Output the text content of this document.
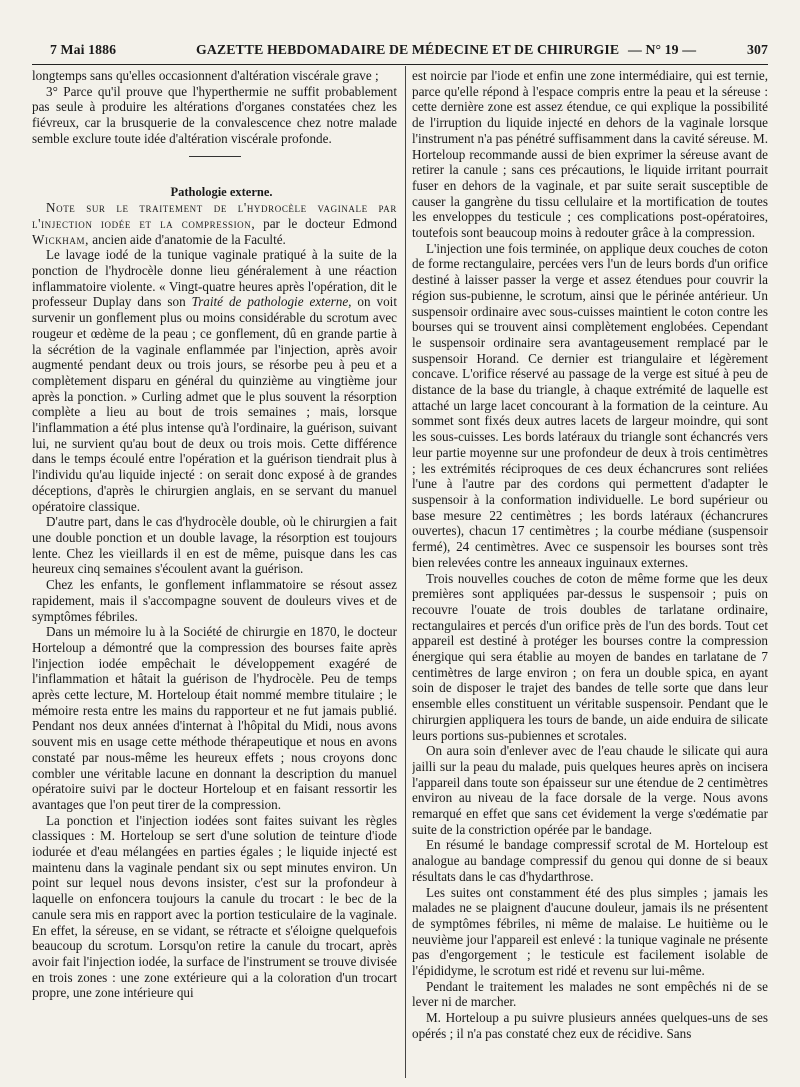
7 Mai 1886	GAZETTE HEBDOMADAIRE DE MÉDECINE ET DE CHIRURGIE — N° 19 —	307

longtemps sans qu'elles occasionnent d'altération viscérale grave ;

3° Parce qu'il prouve que l'hyperthermie ne suffit probablement pas seule à produire les altérations d'organes constatées chez les fiévreux, car la brusquerie de la convalescence chez notre malade semble exclure toute idée d'altération viscérale profonde.

Pathologie externe.

Note sur le traitement de l'hydrocèle vaginale par l'injection iodée et la compression, par le docteur Edmond Wickham, ancien aide d'anatomie de la Faculté.

Le lavage iodé de la tunique vaginale pratiqué à la suite de la ponction de l'hydrocèle donne lieu généralement à une réaction inflammatoire violente. « Vingt-quatre heures après l'opération, dit le professeur Duplay dans son Traité de pathologie externe, on voit survenir un gonflement plus ou moins considérable du scrotum avec rougeur et œdème de la peau ; ce gonflement, dû en grande partie à la sécrétion de la vaginale enflammée par l'injection, après avoir augmenté pendant deux ou trois jours, se résorbe peu à peu et a complètement disparu en général du quinzième au vingtième jour après la ponction. » Curling admet que le plus souvent la résorption complète a lieu au bout de trois semaines ; mais, lorsque l'inflammation a été plus intense qu'à l'ordinaire, la guérison, suivant lui, ne survient qu'au bout de deux ou trois mois. Cette différence dans le temps écoulé entre l'opération et la guérison tiendrait plus à l'individu qu'au liquide injecté : on serait donc exposé à de grandes déceptions, d'après le chirurgien anglais, en se servant du manuel opératoire classique.

D'autre part, dans le cas d'hydrocèle double, où le chirurgien a fait une double ponction et un double lavage, la résorption est toujours lente. Chez les vieillards il en est de même, puisque dans les cas heureux cinq semaines s'écoulent avant la guérison.

Chez les enfants, le gonflement inflammatoire se résout assez rapidement, mais il s'accompagne souvent de douleurs vives et de symptômes fébriles.

Dans un mémoire lu à la Société de chirurgie en 1870, le docteur Horteloup a démontré que la compression des bourses faite après l'injection iodée empêchait le développement exagéré de l'inflammation et hâtait la guérison de l'hydrocèle. Peu de temps après cette lecture, M. Horteloup était nommé membre titulaire ; le mémoire resta entre les mains du rapporteur et ne fut jamais publié. Pendant nos deux années d'internat à l'hôpital du Midi, nous avons souvent mis en usage cette méthode thérapeutique et nous en avons constaté par nous-même les heureux effets ; nous croyons donc combler une véritable lacune en donnant la description du manuel opératoire suivi par le docteur Horteloup et en faisant ressortir les avantages que l'on peut tirer de la compression.

La ponction et l'injection iodées sont faites suivant les règles classiques : M. Horteloup se sert d'une solution de teinture d'iode iodurée et d'eau mélangées en parties égales ; le liquide injecté est maintenu dans la vaginale pendant six ou sept minutes environ. Un point sur lequel nous devons insister, c'est sur la profondeur à laquelle on enfoncera toujours la canule du trocart : le bec de la canule sera mis en rapport avec la portion testiculaire de la vaginale. En effet, la séreuse, en se vidant, se rétracte et s'éloigne quelquefois beaucoup du scrotum. Lorsqu'on retire la canule du trocart, après avoir fait l'injection iodée, la surface de l'instrument se trouve divisée en trois zones : une zone extérieure qui a la coloration d'un trocart propre, une zone intérieure qui

est noircie par l'iode et enfin une zone intermédiaire, qui est ternie, parce qu'elle répond à l'espace compris entre la peau et la séreuse : cette dernière zone est assez étendue, ce qui explique la possibilité de l'irruption du liquide injecté en dehors de la vaginale lorsque l'instrument n'a pas pénétré suffisamment dans la cavité séreuse. M. Horteloup recommande aussi de bien exprimer la séreuse avant de retirer la canule ; sans ces précautions, le liquide irritant pourrait fuser en dehors de la vaginale, et par suite serait susceptible de causer la gangrène du tissu cellulaire et la mortification de toutes les enveloppes du testicule ; ces complications post-opératoires, toutefois sont beaucoup moins à redouter grâce à la compression.

L'injection une fois terminée, on applique deux couches de coton de forme rectangulaire, percées vers l'un de leurs bords d'un orifice destiné à laisser passer la verge et assez étendues pour couvrir la région sus-pubienne, le scrotum, ainsi que le périnée antérieur. Un suspensoir ordinaire avec sous-cuisses maintient le coton contre les bourses qui se trouvent ainsi complètement englobées. Cependant le suspensoir ordinaire sera avantageusement remplacé par le suspensoir Horand. Ce dernier est triangulaire et légèrement concave. L'orifice réservé au passage de la verge est situé à peu de distance de la base du triangle, à chaque extrémité de laquelle est attaché un large lacet concourant à la formation de la ceinture. Au sommet sont fixés deux autres lacets de largeur moindre, qui sont les sous-cuisses. Les bords latéraux du triangle sont échancrés vers leur partie moyenne sur une profondeur de deux à trois centimètres ; les extrémités réciproques de ces deux échancrures sont reliées l'une à l'autre par des cordons qui permettent d'adapter le suspensoir à la conformation individuelle. Le bord supérieur ou base mesure 22 centimètres ; les bords latéraux (échancrures ouvertes), chacun 17 centimètres ; la courbe médiane (suspensoir fermé), 24 centimètres. Avec ce suspensoir les bourses sont très bien relevées contre les anneaux inguinaux externes.

Trois nouvelles couches de coton de même forme que les deux premières sont appliquées par-dessus le suspensoir ; puis on recouvre l'ouate de trois doubles de tarlatane ordinaire, rectangulaires et percés d'un orifice près de l'un des bords. Tout cet appareil est destiné à protéger les bourses contre la compression énergique qui sera établie au moyen de bandes en tarlatane de 7 centimètres de large environ ; on fera un double spica, en ayant soin de disposer le trajet des bandes de telle sorte que dans leur ensemble elles constituent un véritable suspensoir. Pendant que le chirurgien appliquera les tours de bande, un aide enduira de silicate leurs portions sus-pubiennes et scrotales.

On aura soin d'enlever avec de l'eau chaude le silicate qui aura jailli sur la peau du malade, puis quelques heures après on incisera l'appareil dans toute son épaisseur sur une étendue de 2 centimètres environ au niveau de la face dorsale de la verge. Nous avons remarqué en effet que sans cet évidement la verge s'œdématie par suite de la constriction opérée par le bandage.

En résumé le bandage compressif scrotal de M. Horteloup est analogue au bandage compressif du genou qui donne de si beaux résultats dans le cas d'hydarthrose.

Les suites ont constamment été des plus simples ; jamais les malades ne se plaignent d'aucune douleur, jamais ils ne présentent de symptômes fébriles, ni même de malaise. Le huitième ou le neuvième jour l'appareil est enlevé : la tunique vaginale ne présente pas d'engorgement ; le testicule est facilement isolable de l'épididyme, le scrotum est ridé et revenu sur lui-même.

Pendant le traitement les malades ne sont empêchés ni de se lever ni de marcher.

M. Horteloup a pu suivre plusieurs années quelques-uns de ses opérés ; il n'a pas constaté chez eux de récidive. Sans
